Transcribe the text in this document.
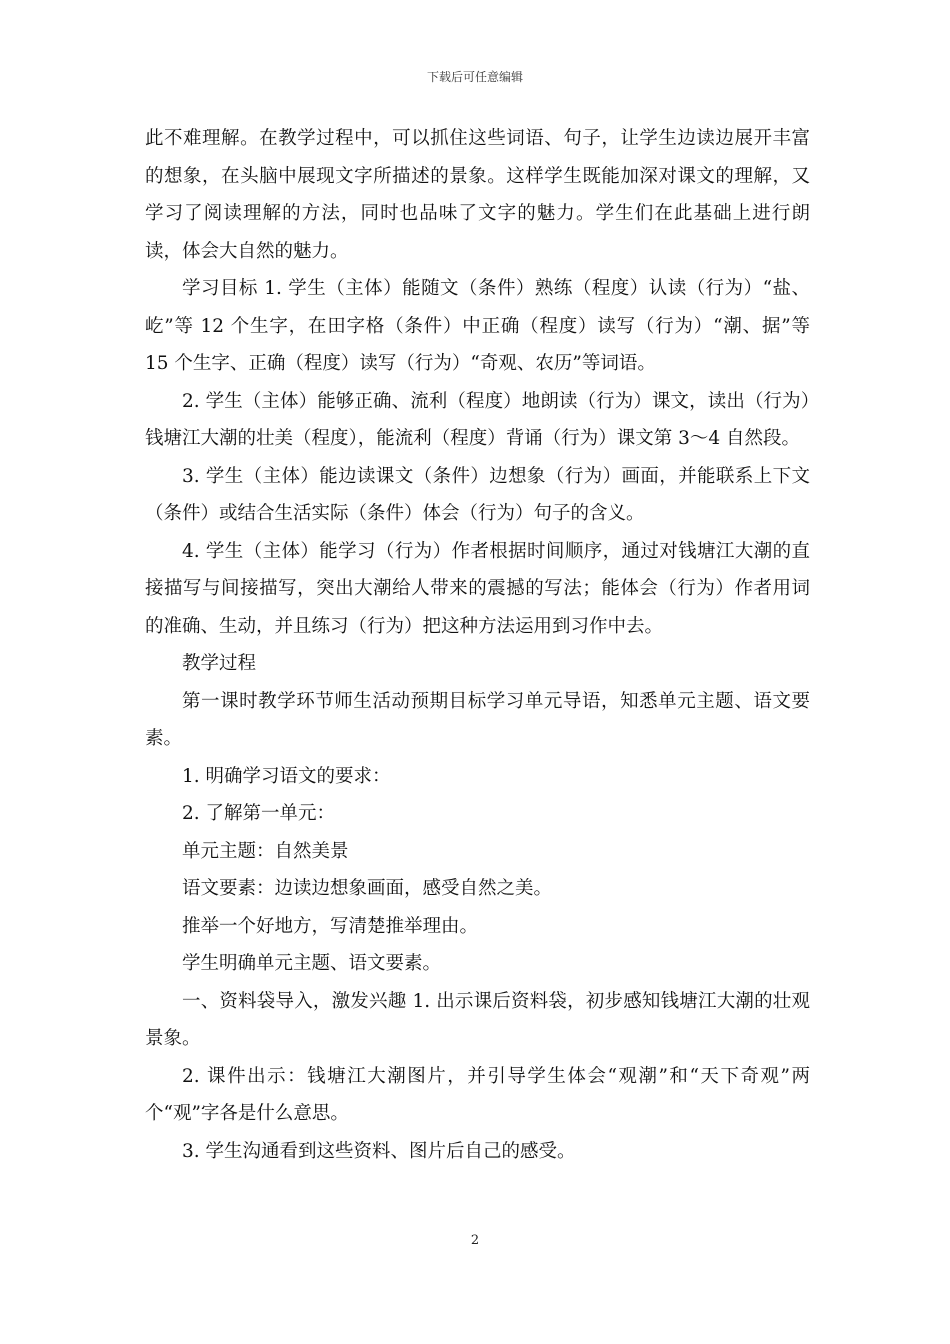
下载后可任意编辑

此不难理解。在教学过程中，可以抓住这些词语、句子，让学生边读边展开丰富的想象，在头脑中展现文字所描述的景象。这样学生既能加深对课文的理解，又学习了阅读理解的方法，同时也品味了文字的魅力。学生们在此基础上进行朗读，体会大自然的魅力。

学习目标 1. 学生（主体）能随文（条件）熟练（程度）认读（行为）“盐、屹”等 12 个生字，在田字格（条件）中正确（程度）读写（行为）“潮、据”等 15 个生字、正确（程度）读写（行为）“奇观、农历”等词语。

2. 学生（主体）能够正确、流利（程度）地朗读（行为）课文，读出（行为）钱塘江大潮的壮美（程度），能流利（程度）背诵（行为）课文第 3～4 自然段。

3. 学生（主体）能边读课文（条件）边想象（行为）画面，并能联系上下文（条件）或结合生活实际（条件）体会（行为）句子的含义。

4. 学生（主体）能学习（行为）作者根据时间顺序，通过对钱塘江大潮的直接描写与间接描写，突出大潮给人带来的震撼的写法；能体会（行为）作者用词的准确、生动，并且练习（行为）把这种方法运用到习作中去。

教学过程

第一课时教学环节师生活动预期目标学习单元导语，知悉单元主题、语文要素。

1. 明确学习语文的要求：

2. 了解第一单元：

单元主题：自然美景

语文要素：边读边想象画面，感受自然之美。

推举一个好地方，写清楚推举理由。

学生明确单元主题、语文要素。

一、资料袋导入，激发兴趣 1. 出示课后资料袋，初步感知钱塘江大潮的壮观景象。

2. 课件出示：钱塘江大潮图片，并引导学生体会“观潮”和“天下奇观”两个“观”字各是什么意思。

3. 学生沟通看到这些资料、图片后自己的感受。

2
